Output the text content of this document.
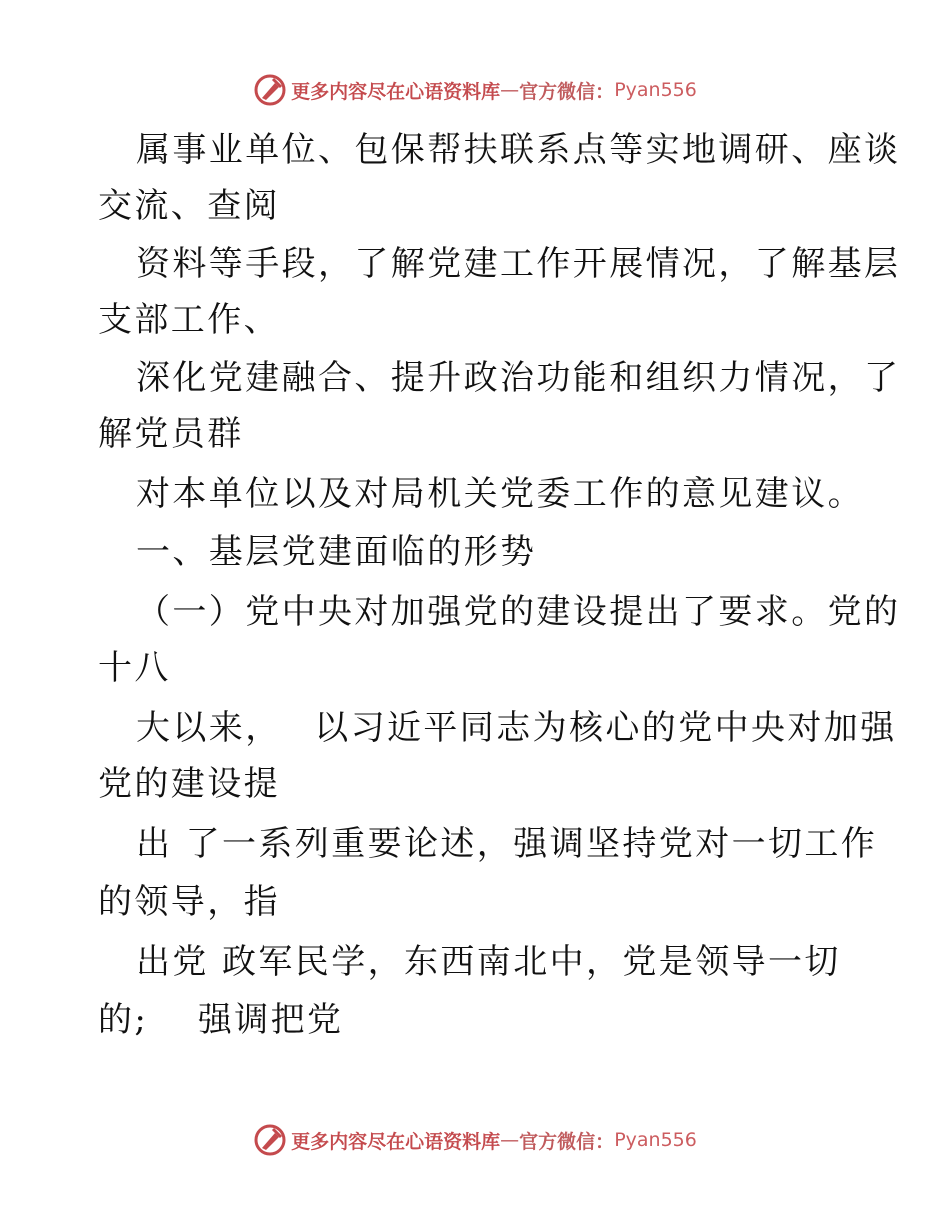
更多内容尽在心语资料库 — 官方微信： Pyan556
属事业单位、包保帮扶联系点等实地调研、座谈
交流、查阅
资料等手段，了解党建工作开展情况，了解基层
支部工作、
深化党建融合、提升政治功能和组织力情况，了
解党员群
对本单位以及对局机关党委工作的意见建议。
一、基层党建面临的形势
（一）党中央对加强党的建设提出了要求。党的
十八
大以来，　 以习近平同志为核心的党中央对加强
党的建设提
出 了一系列重要论述，强调坚持党对一切工作
的领导，指
出党 政军民学，东西南北中，党是领导一切
的;　 强调把党
更多内容尽在心语资料库 — 官方微信： Pyan556
